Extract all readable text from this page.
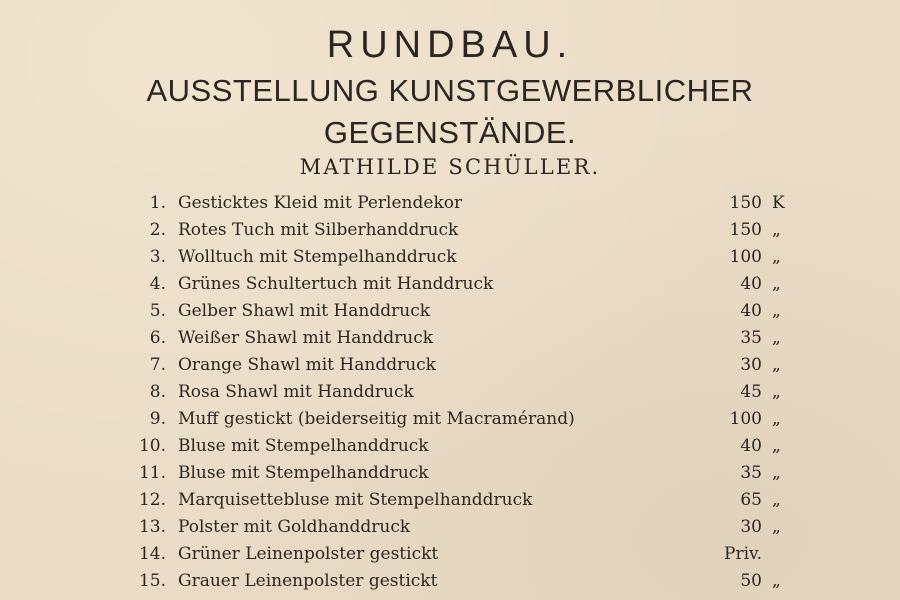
RUNDBAU.
AUSSTELLUNG KUNSTGEWERBLICHER
GEGENSTÄNDE.
MATHILDE SCHÜLLER.
1. Gesticktes Kleid mit Perlendekor	150 K
2. Rotes Tuch mit Silberhanddruck	150 „
3. Wolltuch mit Stempelhanddruck	100 „
4. Grünes Schultertuch mit Handdruck	40 „
5. Gelber Shawl mit Handdruck	40 „
6. Weißer Shawl mit Handdruck	35 „
7. Orange Shawl mit Handdruck	30 „
8. Rosa Shawl mit Handdruck	45 „
9. Muff gestickt (beiderseitig mit Macramérand)	100 „
10. Bluse mit Stempelhanddruck	40 „
11. Bluse mit Stempelhanddruck	35 „
12. Marquisettebluse mit Stempelhanddruck	65 „
13. Polster mit Goldhanddruck	30 „
14. Grüner Leinenpolster gestickt	Priv.
15. Grauer Leinenpolster gestickt	50 „
